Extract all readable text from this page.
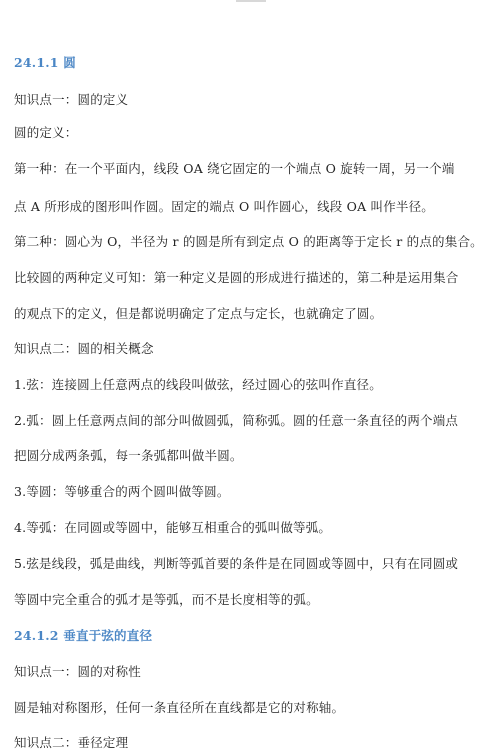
24.1.1 圆
知识点一：圆的定义
圆的定义：
第一种：在一个平面内，线段 OA 绕它固定的一个端点 O 旋转一周，另一个端
点 A 所形成的图形叫作圆。固定的端点 O 叫作圆心，线段 OA 叫作半径。
第二种：圆心为 O，半径为 r 的圆是所有到定点 O 的距离等于定长 r 的点的集合。
比较圆的两种定义可知：第一种定义是圆的形成进行描述的，第二种是运用集合
的观点下的定义，但是都说明确定了定点与定长，也就确定了圆。
知识点二：圆的相关概念
1.弦：连接圆上任意两点的线段叫做弦，经过圆心的弦叫作直径。
2.弧：圆上任意两点间的部分叫做圆弧，简称弧。圆的任意一条直径的两个端点
把圆分成两条弧，每一条弧都叫做半圆。
3.等圆：等够重合的两个圆叫做等圆。
4.等弧：在同圆或等圆中，能够互相重合的弧叫做等弧。
5.弦是线段，弧是曲线，判断等弧首要的条件是在同圆或等圆中，只有在同圆或
等圆中完全重合的弧才是等弧，而不是长度相等的弧。
24.1.2 垂直于弦的直径
知识点一：圆的对称性
圆是轴对称图形，任何一条直径所在直线都是它的对称轴。
知识点二：垂径定理
